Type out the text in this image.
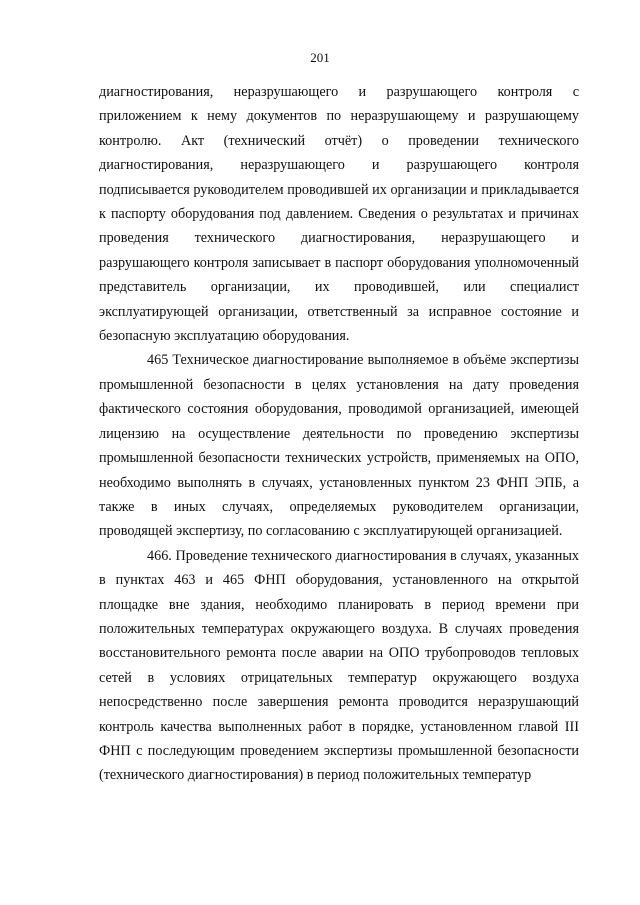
201

диагностирования, неразрушающего и разрушающего контроля с приложением к нему документов по неразрушающему и разрушающему контролю. Акт (технический отчёт) о проведении технического диагностирования, неразрушающего и разрушающего контроля подписывается руководителем проводившей их организации и прикладывается к паспорту оборудования под давлением. Сведения о результатах и причинах проведения технического диагностирования, неразрушающего и разрушающего контроля записывает в паспорт оборудования уполномоченный представитель организации, их проводившей, или специалист эксплуатирующей организации, ответственный за исправное состояние и безопасную эксплуатацию оборудования.

465 Техническое диагностирование выполняемое в объёме экспертизы промышленной безопасности в целях установления на дату проведения фактического состояния оборудования, проводимой организацией, имеющей лицензию на осуществление деятельности по проведению экспертизы промышленной безопасности технических устройств, применяемых на ОПО, необходимо выполнять в случаях, установленных пунктом 23 ФНП ЭПБ, а также в иных случаях, определяемых руководителем организации, проводящей экспертизу, по согласованию с эксплуатирующей организацией.

466. Проведение технического диагностирования в случаях, указанных в пунктах 463 и 465 ФНП оборудования, установленного на открытой площадке вне здания, необходимо планировать в период времени при положительных температурах окружающего воздуха. В случаях проведения восстановительного ремонта после аварии на ОПО трубопроводов тепловых сетей в условиях отрицательных температур окружающего воздуха непосредственно после завершения ремонта проводится неразрушающий контроль качества выполненных работ в порядке, установленном главой III ФНП с последующим проведением экспертизы промышленной безопасности (технического диагностирования) в период положительных температур
